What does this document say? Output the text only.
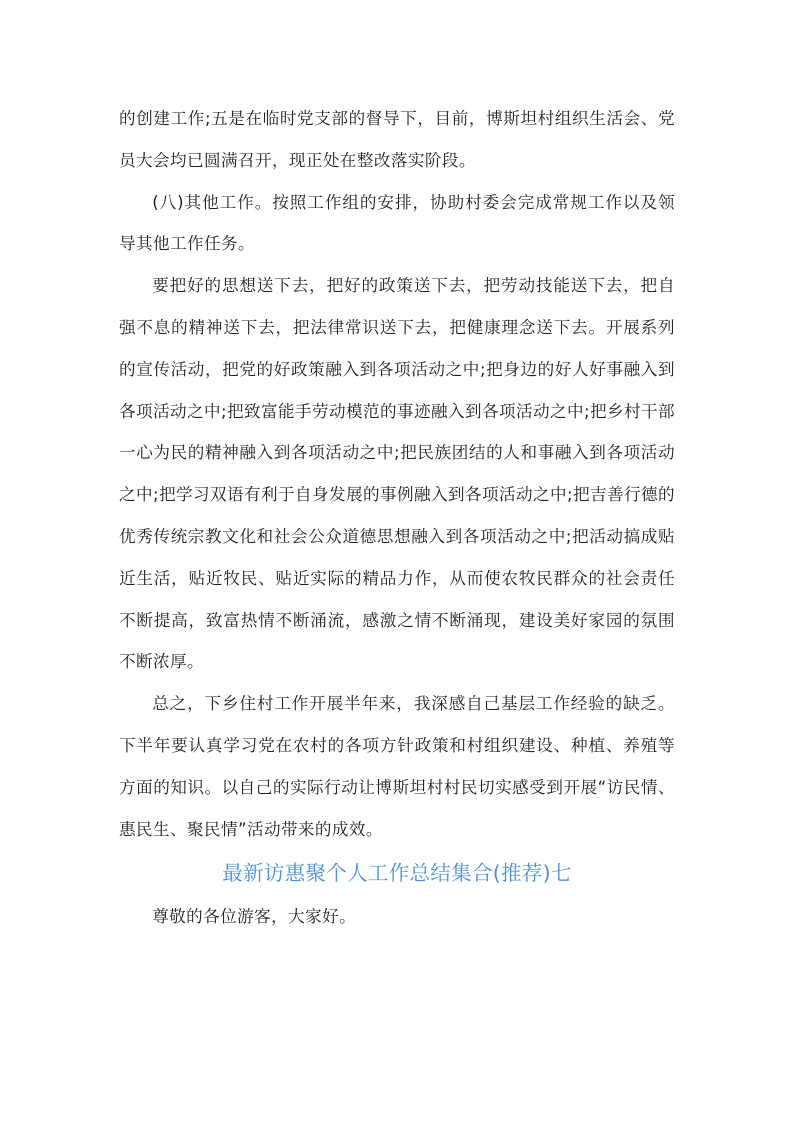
的创建工作;五是在临时党支部的督导下，目前，博斯坦村组织生活会、党员大会均已圆满召开，现正处在整改落实阶段。

(八)其他工作。按照工作组的安排，协助村委会完成常规工作以及领导其他工作任务。

要把好的思想送下去，把好的政策送下去，把劳动技能送下去，把自强不息的精神送下去，把法律常识送下去，把健康理念送下去。开展系列的宣传活动，把党的好政策融入到各项活动之中;把身边的好人好事融入到各项活动之中;把致富能手劳动模范的事迹融入到各项活动之中;把乡村干部一心为民的精神融入到各项活动之中;把民族团结的人和事融入到各项活动之中;把学习双语有利于自身发展的事例融入到各项活动之中;把吉善行德的优秀传统宗教文化和社会公众道德思想融入到各项活动之中;把活动搞成贴近生活，贴近牧民、贴近实际的精品力作，从而使农牧民群众的社会责任不断提高，致富热情不断涌流，感激之情不断涌现，建设美好家园的氛围不断浓厚。

总之，下乡住村工作开展半年来，我深感自己基层工作经验的缺乏。下半年要认真学习党在农村的各项方针政策和村组织建设、种植、养殖等方面的知识。以自己的实际行动让博斯坦村村民切实感受到开展“访民情、惠民生、聚民情”活动带来的成效。

最新访惠聚个人工作总结集合(推荐)七

尊敬的各位游客，大家好。
